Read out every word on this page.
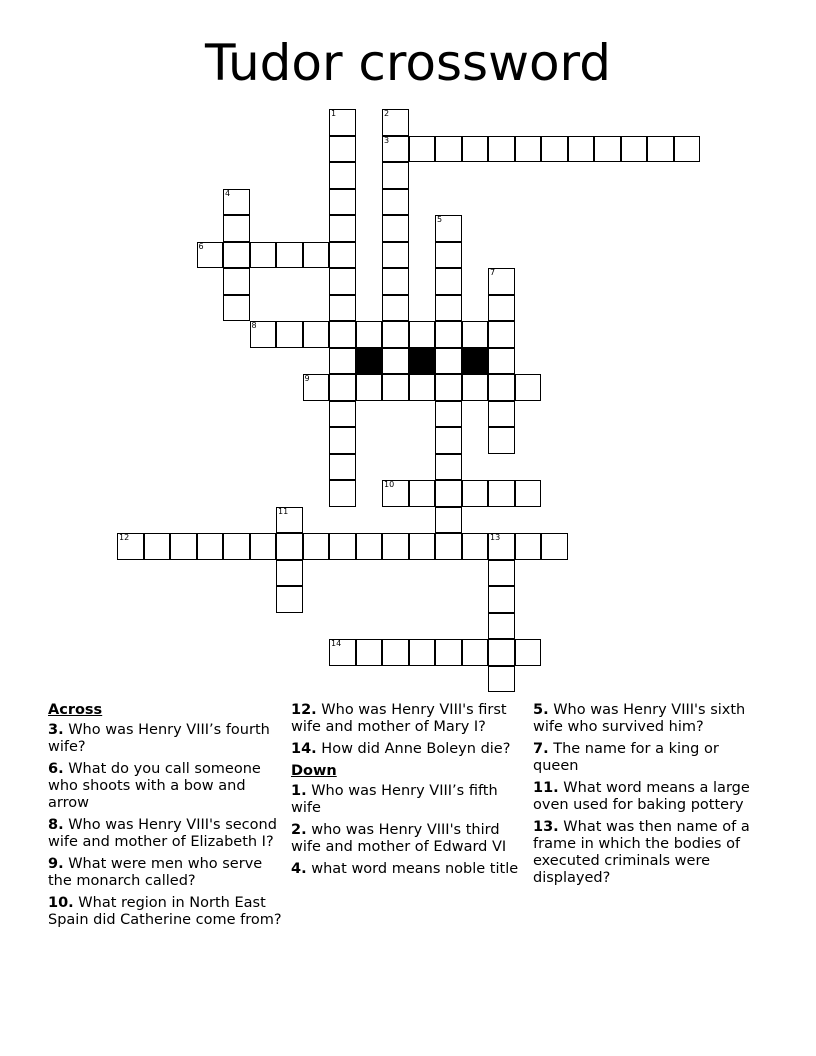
Tudor crossword
1	2
3
4
5
6
7
8
9
10
11
12	13
14
Across
3. Who was Henry VIII’s fourth wife?
6. What do you call someone who shoots with a bow and arrow
8. Who was Henry VIII's second wife and mother of Elizabeth I?
9. What were men who serve the monarch called?
10. What region in North East Spain did Catherine come from?
12. Who was Henry VIII's first wife and mother of Mary I?
14. How did Anne Boleyn die?
Down
1. Who was Henry VIII’s fifth wife
2. who was Henry VIII's third wife and mother of Edward VI
4. what word means noble title
5. Who was Henry VIII's sixth wife who survived him?
7. The name for a king or queen
11. What word means a large oven used for baking pottery
13. What was then name of a frame in which the bodies of executed criminals were displayed?
